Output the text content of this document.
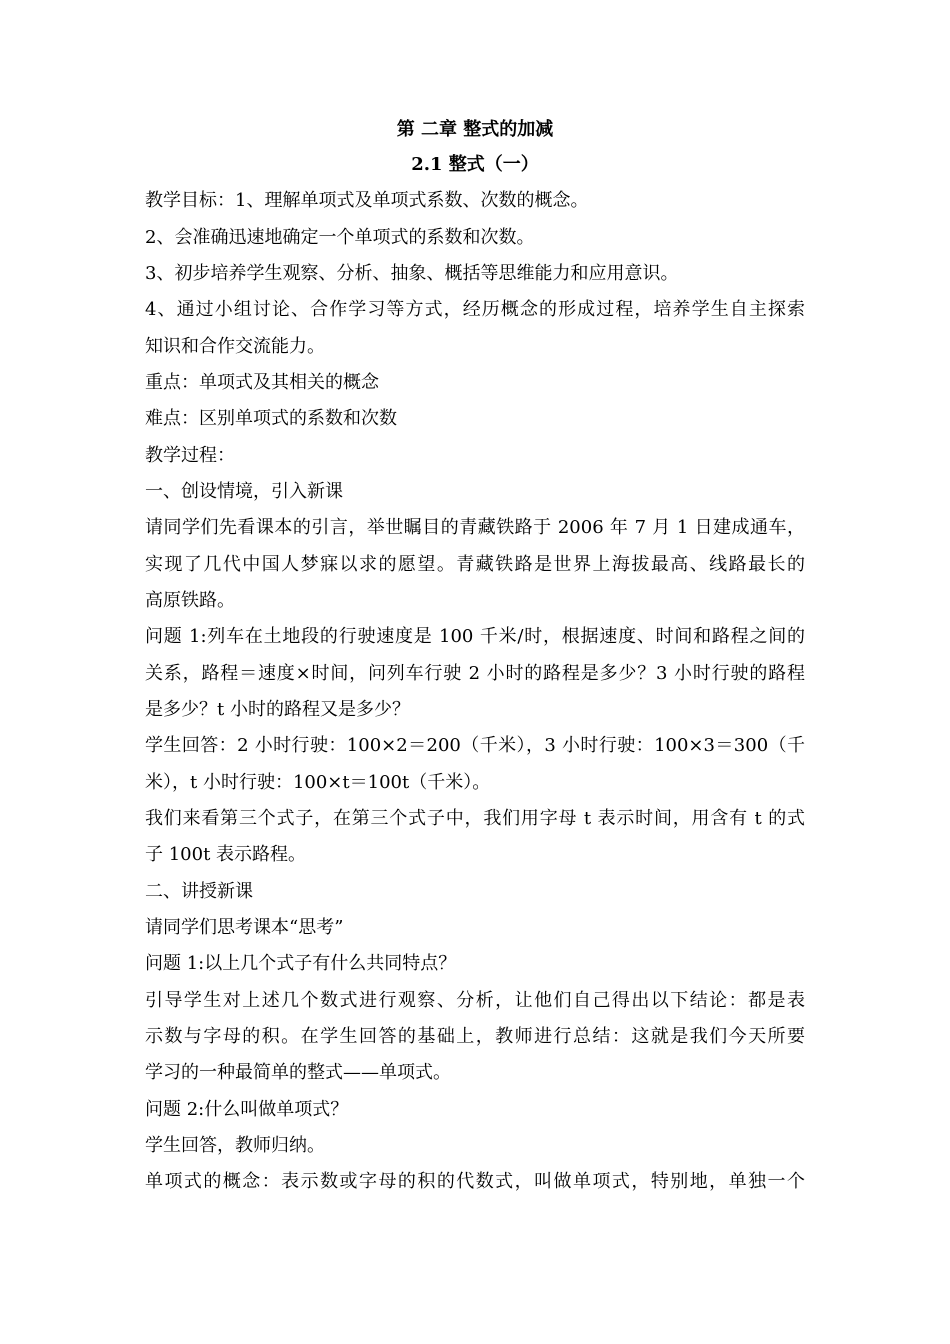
第 二章 整式的加减
2.1 整式（一）
教学目标：1、理解单项式及单项式系数、次数的概念。
2、会准确迅速地确定一个单项式的系数和次数。
3、初步培养学生观察、分析、抽象、概括等思维能力和应用意识。
4、通过小组讨论、合作学习等方式，经历概念的形成过程，培养学生自主探索
知识和合作交流能力。
重点：单项式及其相关的概念
难点：区别单项式的系数和次数
教学过程：
一、创设情境，引入新课
请同学们先看课本的引言，举世瞩目的青藏铁路于 2006 年 7 月 1 日建成通车，
实现了几代中国人梦寐以求的愿望。青藏铁路是世界上海拔最高、线路最长的
高原铁路。
问题 1:列车在土地段的行驶速度是 100 千米/时，根据速度、时间和路程之间的
关系，路程＝速度×时间，问列车行驶 2 小时的路程是多少？3 小时行驶的路程
是多少？t 小时的路程又是多少？
学生回答：2 小时行驶：100×2＝200（千米），3 小时行驶：100×3＝300（千
米），t 小时行驶：100×t＝100t（千米）。
我们来看第三个式子，在第三个式子中，我们用字母 t 表示时间，用含有 t 的式
子 100t 表示路程。
二、讲授新课
请同学们思考课本“思考”
问题 1:以上几个式子有什么共同特点？
引导学生对上述几个数式进行观察、分析，让他们自己得出以下结论：都是表
示数与字母的积。在学生回答的基础上，教师进行总结：这就是我们今天所要
学习的一种最简单的整式——单项式。
问题 2:什么叫做单项式？
学生回答，教师归纳。
单项式的概念：表示数或字母的积的代数式，叫做单项式，特别地，单独一个
